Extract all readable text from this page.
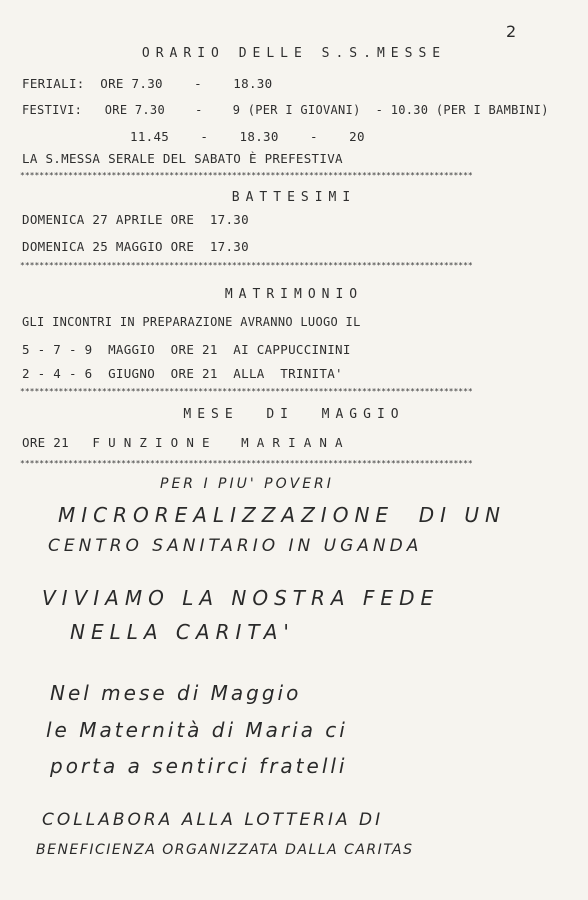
2
ORARIO DELLE S.S.MESSE
FERIALI:  ORE 7.30    -    18.30
FESTIVI:   ORE 7.30    -    9 (PER I GIOVANI)  - 10.30 (PER I BAMBINI)
11.45    -    18.30    -    20
LA S.MESSA SERALE DEL SABATO È PREFESTIVA
**********************************************************************************************
BATTESIMI
DOMENICA 27 APRILE ORE  17.30
DOMENICA 25 MAGGIO ORE  17.30
**********************************************************************************************
MATRIMONIO
GLI INCONTRI IN PREPARAZIONE AVRANNO LUOGO IL
5 - 7 - 9  MAGGIO  ORE 21  AI CAPPUCCININI
2 - 4 - 6  GIUGNO  ORE 21  ALLA  TRINITA'
**********************************************************************************************
MESE  DI  MAGGIO
ORE 21   F U N Z I O N E    M A R I A N A
**********************************************************************************************
PER I PIU' POVERI
MICROREALIZZAZIONE  DI UN
CENTRO SANITARIO IN UGANDA
VIVIAMO LA NOSTRA FEDE
NELLA CARITA'
Nel mese di Maggio
le Maternità di Maria ci
porta a sentirci fratelli
COLLABORA ALLA LOTTERIA DI
BENEFICIENZA ORGANIZZATA DALLA CARITAS
